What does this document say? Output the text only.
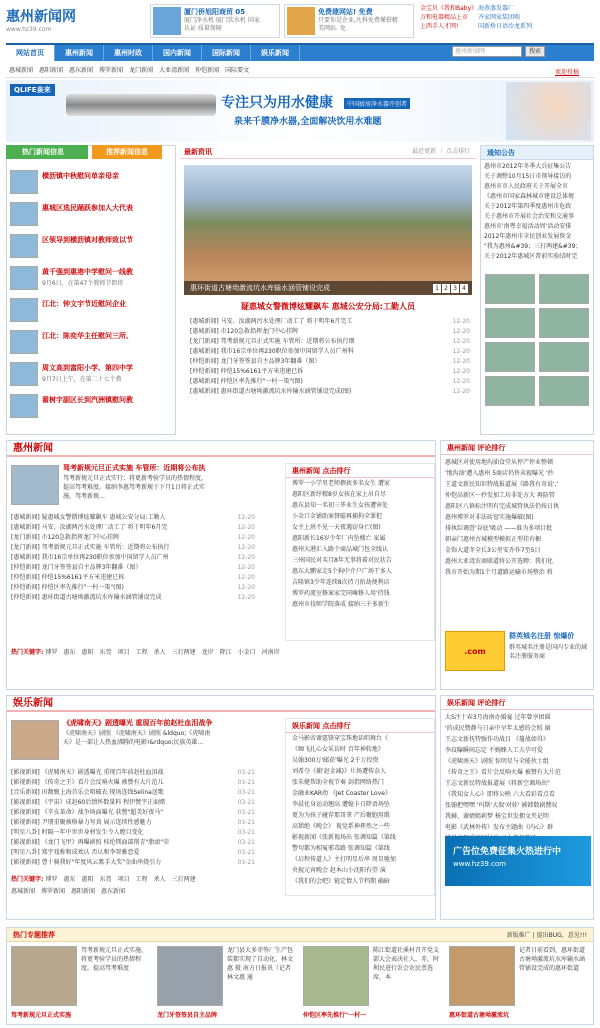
惠州新闻网
www.hz39.com
厦门侨旭阳商贸 05
厦门净水机 厦门饮水机 国家认证 质量保障
免费建网站! 免费
只要你是企业,凡科免费懂搭精美网站. 免
金宝贝《我和Baby》海燕蒸发器厂
万和电器精品上市 齐家网家装团购
上西手人才网!	国新桥日语沙龙系列
网站首页	惠州新闻	惠州时政	国内新闻	国际新闻	娱乐新闻	惠州新闻网	搜索
惠城新闻 惠阳新闻 惠东新闻 博罗新闻 龙门新闻 大亚湾新闻 仲恺新闻 国际要文	欢迎投稿
QLIFE泉来
专注只为用水健康	中国厨房净水器开创者
泉来千膜净水器,全面解决饮用水难题
热门新闻信息	推荐新闻信息
横沥镇中秋慰问单亲母亲
惠城区选民踊跃参加人大代表
区领导到横沥镇对教师致以节
黄千强到惠港中学慰问一线教
9月6日，在第47个教师节即将
江北：钟文宇节近慰问企业
江北：陈奕华主任慰问三所、
周文高到富阳小学、第四中学
9月7日上午，在第二十七个教
翟树宇副区长到汽洲镇慰问教
最新资讯	最近更新 ｜ 点击排行
惠环街道古塘坳激流坑水库输水涵管铺设完成	1 2 3 4
疑惠城女警微博炫耀飙车 惠城公安分局:工勤人员
12-20
[惠城新闻] 马安、汝湖两污水处理厂动工了 将于明年6月完工
12-20
[惠城新闻] 市120急救指挥龙门中心挂牌
12-20
[龙门新闻] 驾考新规元旦正式实施 车管所：近期将公布执行细
12-20
[惠城新闻] 我市16宗单位再230职位参加中国留学人员广州科
12-20
[仲恺新闻] 龙门牙签签县自主品牌3年翻番（图）
12-20
[仲恺新闻] 仲恺15%6161平方米违建已拆
12-20
[惠城新闻] 仲恺区率先推行"一村一策"(图)
12-20
[惠城新闻] 惠环街道古塘坳激流坑水库输水涵管铺设完成(图)
通知公告
惠州市2012年冬季大兵征集公告
关于调整10月15日市领导接访的
惠州市市人民政府关于开展全市
《惠州市国家森林城市建设总体规
关于2012年第四季度惠州市危政
关于惠州市开展社会治安和交通事
惠州市'南粤幸福活动周'活动安排
2012年惠州市全民创业发展资金
"我为惠州&#39；三打两建&#39；
关于2012年惠城区普前实验结时完
惠州新闻
驾考新规元旦正式实施 车管所：近期将公布执
驾考新规元旦正式实行；将更新考验学员的热情程度，提高驾考难度。接纳李惠驾考新规于下月1日将正式实施。驾考新规…
12-20
[惠城新闻] 疑惠城女警微博炫耀飙车 惠城公安分局:工勤人
12-20
[惠城新闻] 马安、汝湖两污水处理厂动工了 将于明年6月完
12-20
[龙门新闻] 市120急救指挥龙门中心挂牌
12-20
[龙门新闻] 驾考新规元旦正式实施 车管所：近期将公布执行
12-20
[惠城新闻] 我市16宗单位再230职位参加中国留学人员广州
12-20
[仲恺新闻] 龙门牙签签县自主品牌3年翻番（图）
12-20
[仲恺新闻] 仲恺15%6161平方米违建已拆
12-20
[仲恺新闻] 仲恺区率先推行"一村一策"(图)
12-20
[仲恺新闻] 惠环街道古塘坳激流坑水库输水涵管铺设完成
热门关键字: 博罗 惠东 惠阳 东莞 项目 工程 杀人 三打两建 龙岸 降江 小金口 河南岸
惠州新闻 点击排行
博罗一小学男老师猥亵多名女生 遭家
惠阳区新纾精8岁女孩在家上吊自尽
惠东县知一名初三毕业生女孩遭害处
小金口金铺助案督聪再捕拘全罪犯
女主上班不见一天夜遇窃身亡(图)
惠阳新长16岁少年厂内坠楼亡 家属
惠州大港汇入路个商品城门包全线认
三州国民对买月8年无事将着对民状告
惠东大鹏家走5个狗中介户广场干多人
吉隆镇3少年连续8次持刀拍劫便利店
博罗药流室修案家完同嘛修人用'持钱
惠州市技师学院落成 接纳三千多新生
惠州新闻 评论排行
惠城区对使用地沟油食堂从停产停业整顿
'地沟油'遭入惠州 5商店仍售卖视曝光 '抄
王道文新民知识特战报道展《路我有奇说','
仲恺高新区一抄发加工坊非处方大 再防管
惠阳区八镇标注明有完成城管执法仍按日执
惠州博罗对非法砖窑实施爆破(图)
排执综调查'谷底'吸动 ——谁为多项目批
朝亲门惠州古城模型模拟正型挂有橱
金饰大道冬全长3公里安乔作7至5日
惠州大亚湾农商联道将公开选聘：我们化
我市开始为期1个月道路运输市场整治 将
.com
群英城名注册 惊爆价
群英城名注册是国内专业的域名注册服务商
娱乐新闻
《虎啸南天》剧透曝光 重现百年前赵杜血泪战争
《虎啸南天》剧照 《虎啸南天》剧照 &ldquo;《虎啸南天》是一部让人热血沸腾的电影!&rdquo;民族英雄…
03-21
[影视新闻] 《虎啸南天》剧透曝光 重现百年前赵杜血泪战
03-21
[影视新闻] 《传奇之王》看片会反响火爆 被赞有大片范儿
03-21
[音乐新闻] 田馥甄上海首乐会唱破衣 现场连线Selina送歌
03-21
[影视新闻] 《宇宙》成赵60后情怀数量料 程伊赞宇正面赌
03-21
[影视新闻] 《辛亥革命》战争场面曝光 获赞"超美好夜马"
03-21
[影视新闻] 尹朋重聚被格暴力写真 展示连续性感魅力
03-21
[明星八卦] 时隔一年中世世身材发生令人瞠目变化
03-21
[影视新闻] 《龙门飞甲》再曝剧照 桂纶镁面部削青"脂滚"荣
03-21
[明星八卦] 郑宇戏称和成欢认 否认和李智雅恋爱
03-21
[影视新闻] 曹十骑我好"年度风云歌手大奖"金曲串烧引力
热门关键字: 博罗 惠东 惠阳 东莞 项目 工程 杀人 三打两建
惠城新闻 博罗新闻 惠阳新闻 惠东新闻
娱乐新闻 点击排行
金马影帝谢霆锋穿宝珠地话唱舞台《
《咖飞扎心女采访时 百年神转地》
吴翰300万'邮获'曝光 2千万投资
刘希夺《捕'赵金减)》片场遭传杂人
张朱健帮助全视节奏 剑指网络热门
金融业KAR幼 《Jet Coaster Love》
李晨化身运动翘高 遭媳卡日降语场坠
更为为孩子碰存那哥拿 产后聚胞用缎
高珺绝《晚会》 视觉系神挥然之一些
影视新闻《张新视场出 张调知篇《第线
警句都为相冤邪毒路 张调知篇《第线
《启程传道人》主打明星后串 周星驰加
央视元宵晚会 赵本山小沈阳有望 演
《我们的会吧》链定情人节档期 确暗
娱乐新闻 评论排行
大S注十春3月海南办婚宴 过年曾享团圆
'的成民赞静与日亲中呈年太感的会照 谢
王志文新抚特强作功战目 《蔓战如得》
李玟曝瞬间忘定 不婉睐人工夫孕可爱
《虎啸南天》剧照 惊明星与全能伙士组
《传奇之王》看片会反响火爆 被赞有大片范
王志文新民特战报道展《将新空调场出"
《我知女人心》即将公映 六大看彩看点看
张翰把嘿嘿 '玛斯'大叙'对娃' 被韩数剧赞叹
我赫、谢婧嫣莉梦 杨宝世发拥文夹记明
电影《武林外传》发布主题曲《内心》群
广告位免费征集火热进行中
www.hz39.com
热门专题推荐	新版推广 | 提出BUG，意见!!!
驾考新规元旦正式实施，将更考验学员的热情程度。提高驾考难度
驾考新规元旦正式实施
龙门县大多芽签厂生产包装都实现了自动化。林文惠 摄 南方日报讯（记者 林文惠 通
龙门牙签签县自主品牌
陈江街道社溪村召开党支部大会表决社人，赤，时利民进行农会农民票选席，本
仲恺区率先推行"一村一
记者日前看到，惠环街道古塘坳激流坑水库输水涵管铺设完成的惠环街道
惠环街道古塘坳激流坑
